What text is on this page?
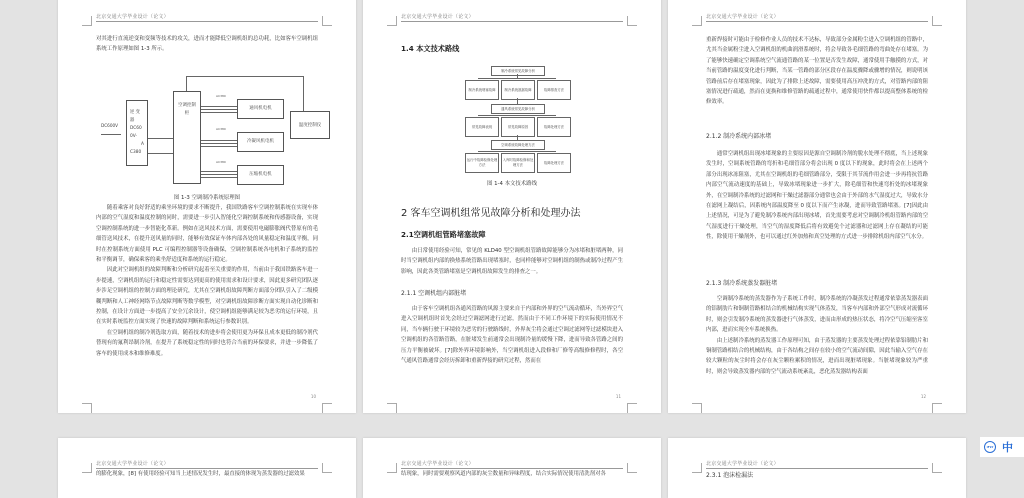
北京交通大学毕业设计（论文）

对其进行直流逆变和变频等技术的攻关，进而才能降低空调机组的总功耗，比如客车空调机组系统工作原理如图 1-3 所示。

DC600V
逆 变
器
DC60
0V-
A
C380
空调控制柜
AC380
通风机电机
AC380
冷凝风机电机
AC380
压缩机电机
温度控制仪
图 1-3 空调制冷系统原理图

随着乘客对良好舒适的乘坐环境的要求不断提升，我国铁路客车空调控制系统在实现车体内部的空气湿度和温度控制的同时，需要进一步引入智能化空调控制系统和传感器设备，实现空调控制系统的进一步智能化革新。例如在送风技术方面，需要使用电磁膨胀阀代替原有的毛细管送风技术，在提升送风量的同时，能够有效保证车体内部各处的风量稳定和温度平衡，同时在控制系统方面使用 PLC 可编程控制器等设备确保，空调控制系统各电机和子系统的监控和平衡调节，确保乘客的乘坐舒适度和系统的运行稳定。

因此对空调机组的故障判断和分析研究起着至关重要的作用，当前由于我国铁路客车进一步提速，空调机组的运行和稳定性需要达到更高的使用需求和设计要求，因此更多研究团队逐步涉足空调机组的控制方面的理论研究，尤其在空调机组故障判断方面部分团队引入了二级模糊判断和人工神经网络节点故障判断等数学模型，对空调机组故障诊断方面实现自动化诊断和控制，在设计方面进一步提高了安全冗余设计，使空调机组能够满足较为恶劣的运行环境，且在实时系统监控方面实现了快速的故障判断和系统运行参数识别。

在空调机组的制冷剂选取方面，随着技术的进步将会使用更为环保且成本更低的制冷剂代替现有的氟利昂制冷剂，在提升了系统稳定性的同时也符合当前的环保要求，并进一步降低了客车的使用成本和维修难度。

10
北京交通大学毕业设计（论文）
1.4 本文技术路线
制冷系统常见故障分析
制冷系统堵塞故障	制冷系统泄漏故障	故障排查方法
通风系统常见故障分析
常见故障表现	常见故障原因	故障处理方法
空调系统故障处理方法
运行中故障检修处理方法
入库时故障检修和处理方法
故障处理方法
图 1-4 本文技术路线
2 客车空调机组常见故障分析和处理办法
2.1空调机组管路堵塞故障

由日常使用经验可知，常见的 KLD40 型空调机组管路故障能够分为冰堵和脏堵两种，同时当空调机组内部的换热系统管路出现堵塞时，也同样能够对空调机组的制热或制冷过程产生影响，因此各类管路堵塞是空调机组故障发生的排查之一。

2.1.1 空调机组内部脏堵

由于客车空调机组各通风管路的风源主要来自于内部和外界的空气流动循环，当外界空气进入空调机组时首先会经过空调滤网进行过滤，然而由于不同工作环境下的实际使用情况不同，当车辆行驶于环境较为恶劣的行驶路线时，外界灰尘将会通过空调过滤网等过滤模块进入空调机组的各管路管路，在脏堵发生前通常会出现制冷量的缓慢下降，进而导致各管路之间的压力平衡被破坏。[7]除外界环境影响外，当空调机组进入段修和厂修等高级修修程时，各空气通风管路通常会经历拆卸和重新焊接的研究过程，然而在

11
北京交通大学毕业设计（论文）

重新焊接时可能由于检修作业人员的技术不达标，导致部分金属粉尘进入空调机组的管路中，尤其当金属粉尘进入空调机组的机曲润滑系统时，将会导致各毛细管路的弯曲处存在堵塞。为了能够快速确定空调系统空气流通管路的某一位置是否发生故障，通常使用手触摸的方式，对当前管路的温度变化进行判断，当某一管路的部分区段存在温度骤降或骤增的情况，则说明该管路前后存在堵塞现象，因此为了排除上述故障，需要使用高压冲洗的方式，对管路内部的阻塞情况进行疏通，然而在更换和维修管路的疏通过程中，通常使用快件都以提高整体系统的检修效率。

2.1.2 制冷系统内部冰堵

通常空调机组出现冰堵现象的主要原因是源自空调制冷剂的脱水处理不彻底，当上述现象发生时，空调系统管路的弯折和毛细管部分将会出现 0 度以下的现象，此时将会在上述两个部分出现冰冻阻塞，尤其在空调机组的毛细管路部分，受限于其节流作用会进一步再将抗管路内部空气流动速度的基础上，导致冰堵现象进一步扩大，除毛细管和快速弯折处的冰堵现象外，在空调制冷系统的过滤网和干燥过滤器部分通常也会由于外部的水气湿度过大，导致水分在滤网上凝结后，因系统内部温度降至 0 度以下而产生冰凝，进而导致管路堵塞。[7]因此由上述情况，可是为了避免制冷系统内部出现冰堵，首先需要考虑对空调制冷机组管路内部的空气湿度进行干燥处理，当空气的湿度降低后将有效避免个过滤器和过滤网上存在凝结的可能性，除使用干燥剂外，也可以通过红外加热和真空处理的方式进一步排除机组内部空气水分。

2.1.3 制冷系统蒸发器脏堵

空调制冷系统的蒸发器作为子系统工作时，制冷系统的冷凝蒸发过程通常依靠蒸发器表面的铝制肋片和铜制管路相结合的机械结构实现气体蒸发，当客车内部和外部空气形成对流循环时，则会引发制冷系统的蒸发器进行气体蒸发，进而由形成的热压状态，将冷空气压缩至客室内部，进而实现全车系统换热。

由上述制冷系统的蒸发器工作原理可知，由于蒸发器的主要蒸发处理过程依靠铝制肋片和铜制管路相结合的机械结构，由于各结构之间存在较小的空气流动间隙，因此当输入空气存在较大颗粒的灰尘时将会存在灰尘颗粒累积的情况，进而出现脏堵现象。当脏堵现象较为严重时，则会导致蒸发器内部的空气流动系统紊乱，恶化蒸发器结构表面

12
北京交通大学毕业设计（论文）

的膨化现象，[8] 有使用经验可知当上述情况发生时，最直接的体现为蒸发器的过滤效果

北京交通大学毕业设计（论文）

结现象，同时需要观察风道内部的灰尘数量和异味程度，结合实际情况使用清洗剂对各

北京交通大学毕业设计（论文）
2.3.1 泡沫检漏法
IFLY 中
